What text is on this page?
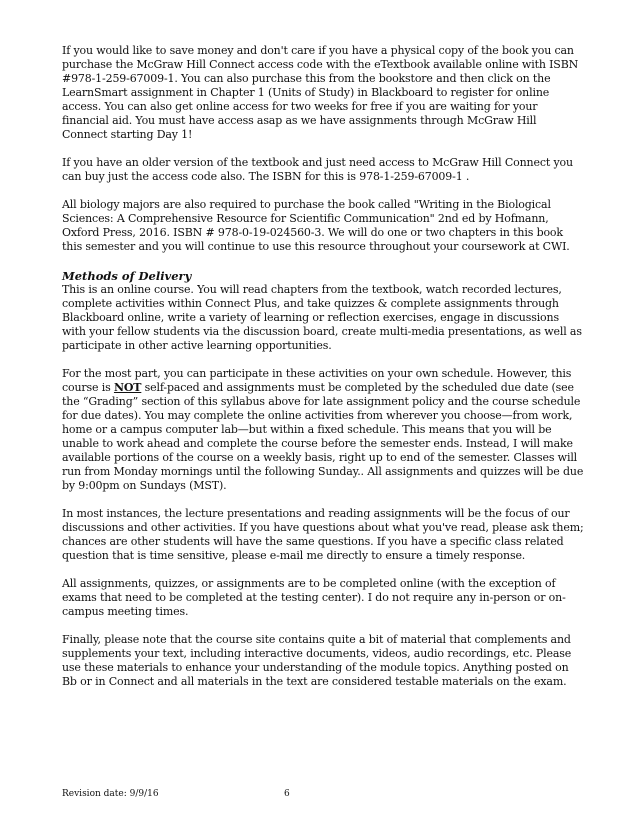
If you would like to save money and don't care if you have a physical copy of the book you can purchase the McGraw Hill Connect access code with the eTextbook available online with ISBN #978-1-259-67009-1. You can also purchase this from the bookstore and then click on the LearnSmart assignment in Chapter 1 (Units of Study) in Blackboard to register for online access. You can also get online access for two weeks for free if you are waiting for your financial aid. You must have access asap as we have assignments through McGraw Hill Connect starting Day 1!

If you have an older version of the textbook and just need access to McGraw Hill Connect you can buy just the access code also. The ISBN for this is 978-1-259-67009-1 .

All biology majors are also required to purchase the book called "Writing in the Biological Sciences: A Comprehensive Resource for Scientific Communication" 2nd ed by Hofmann, Oxford Press, 2016. ISBN # 978-0-19-024560-3. We will do one or two chapters in this book this semester and you will continue to use this resource throughout your coursework at CWI.

Methods of Delivery

This is an online course. You will read chapters from the textbook, watch recorded lectures, complete activities within Connect Plus, and take quizzes & complete assignments through Blackboard online, write a variety of learning or reflection exercises, engage in discussions with your fellow students via the discussion board, create multi-media presentations, as well as participate in other active learning opportunities.

For the most part, you can participate in these activities on your own schedule. However, this course is NOT self-paced and assignments must be completed by the scheduled due date (see the “Grading” section of this syllabus above for late assignment policy and the course schedule for due dates). You may complete the online activities from wherever you choose—from work, home or a campus computer lab—but within a fixed schedule. This means that you will be unable to work ahead and complete the course before the semester ends. Instead, I will make available portions of the course on a weekly basis, right up to end of the semester. Classes will run from Monday mornings until the following Sunday.. All assignments and quizzes will be due by 9:00pm on Sundays (MST).

In most instances, the lecture presentations and reading assignments will be the focus of our discussions and other activities. If you have questions about what you've read, please ask them; chances are other students will have the same questions. If you have a specific class related question that is time sensitive, please e-mail me directly to ensure a timely response.

All assignments, quizzes, or assignments are to be completed online (with the exception of exams that need to be completed at the testing center). I do not require any in-person or on-campus meeting times.

Finally, please note that the course site contains quite a bit of material that complements and supplements your text, including interactive documents, videos, audio recordings, etc. Please use these materials to enhance your understanding of the module topics. Anything posted on Bb or in Connect and all materials in the text are considered testable materials on the exam.

Revision date: 9/9/16	6
